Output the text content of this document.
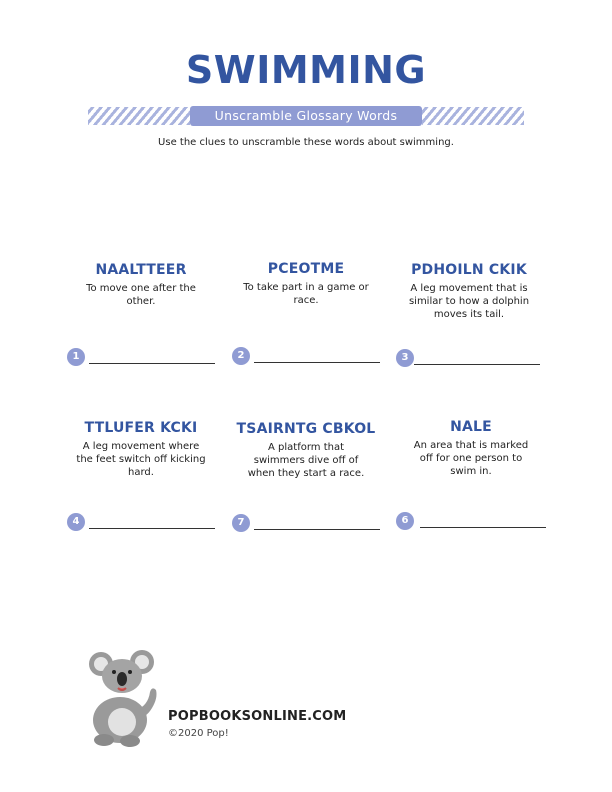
SWIMMING
Unscramble Glossary Words
Use the clues to unscramble these words about swimming.
NAALTTEER
To move one after the other.
PCEOTME
To take part in a game or race.
PDHOILN CKIK
A leg movement that is similar to how a dolphin moves its tail.
1	2	3
TTLUFER KCKI
A leg movement where the feet switch off kicking hard.
TSAIRNTG CBKOL
A platform that swimmers dive off of when they start a race.
NALE
An area that is marked off for one person to swim in.
4	7	6
POPBOOKSONLINE.COM
©2020 Pop!
